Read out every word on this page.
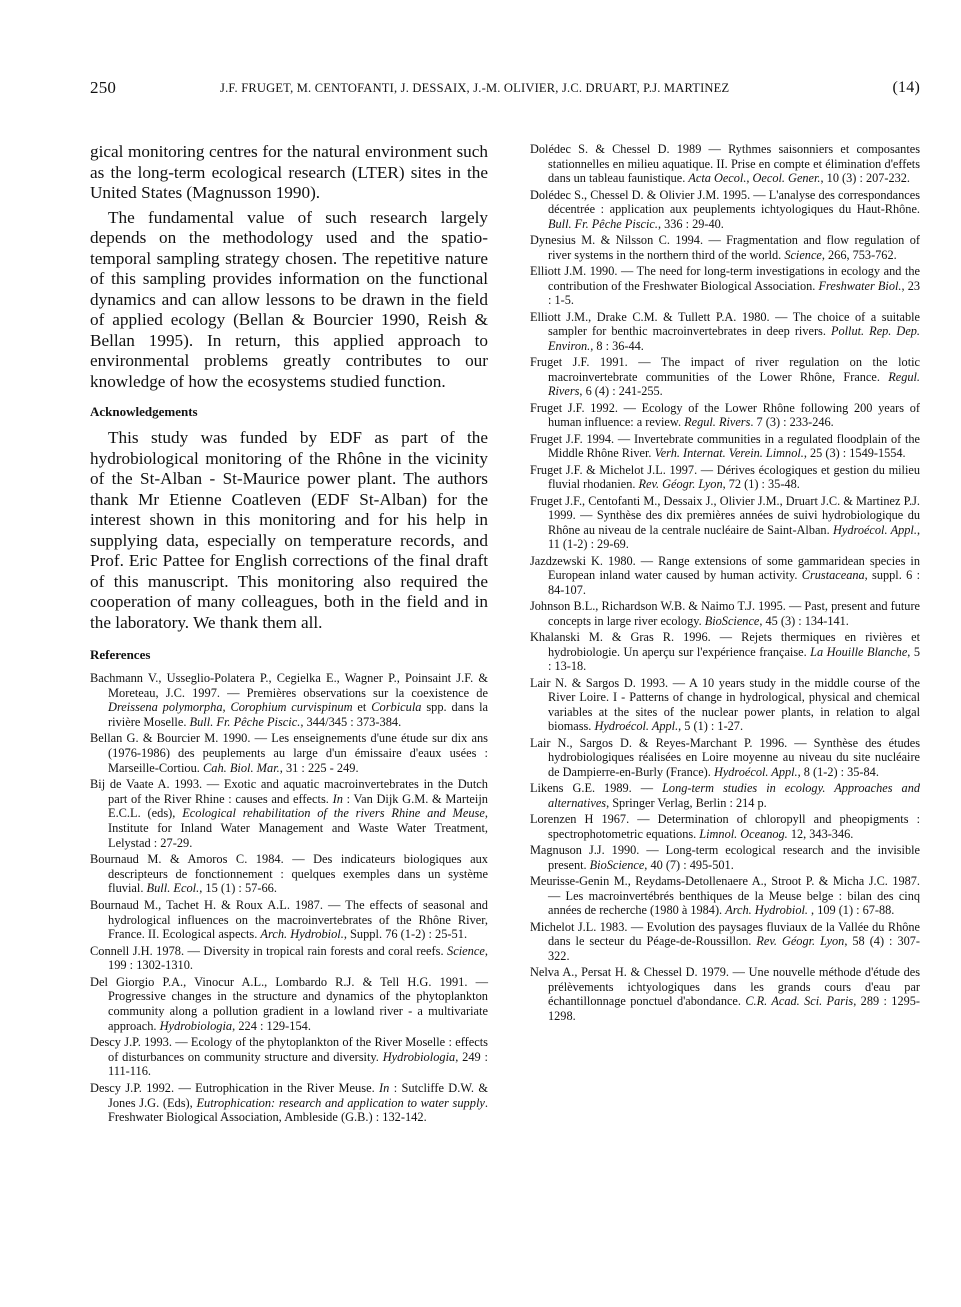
250	J.F. FRUGET, M. CENTOFANTI, J. DESSAIX, J.-M. OLIVIER, J.C. DRUART, P.J. MARTINEZ	(14)

gical monitoring centres for the natural environment such as the long-term ecological research (LTER) sites in the United States (Magnusson 1990).

The fundamental value of such research largely depends on the methodology used and the spatio-temporal sampling strategy chosen. The repetitive nature of this sampling provides information on the functional dynamics and can allow lessons to be drawn in the field of applied ecology (Bellan & Bourcier 1990, Reish & Bellan 1995). In return, this applied approach to environmental problems greatly contributes to our knowledge of how the ecosystems studied function.

Acknowledgements

This study was funded by EDF as part of the hydrobiological monitoring of the Rhône in the vicinity of the St-Alban - St-Maurice power plant. The authors thank Mr Etienne Coatleven (EDF St-Alban) for the interest shown in this monitoring and for his help in supplying data, especially on temperature records, and Prof. Eric Pattee for English corrections of the final draft of this manuscript. This monitoring also required the cooperation of many colleagues, both in the field and in the laboratory. We thank them all.

References

Bachmann V., Usseglio-Polatera P., Cegielka E., Wagner P., Poinsaint J.F. & Moreteau, J.C. 1997. — Premières observations sur la coexistence de Dreissena polymorpha, Corophium curvispinum et Corbicula spp. dans la rivière Moselle. Bull. Fr. Pêche Piscic., 344/345 : 373-384.

Bellan G. & Bourcier M. 1990. — Les enseignements d'une étude sur dix ans (1976-1986) des peuplements au large d'un émissaire d'eaux usées : Marseille-Cortiou. Cah. Biol. Mar., 31 : 225 - 249.

Bij de Vaate A. 1993. — Exotic and aquatic macroinvertebrates in the Dutch part of the River Rhine : causes and effects. In : Van Dijk G.M. & Marteijn E.C.L. (eds), Ecological rehabilitation of the rivers Rhine and Meuse, Institute for Inland Water Management and Waste Water Treatment, Lelystad : 27-29.

Bournaud M. & Amoros C. 1984. — Des indicateurs biologiques aux descripteurs de fonctionnement : quelques exemples dans un système fluvial. Bull. Ecol., 15 (1) : 57-66.

Bournaud M., Tachet H. & Roux A.L. 1987. — The effects of seasonal and hydrological influences on the macroinvertebrates of the Rhône River, France. II. Ecological aspects. Arch. Hydrobiol., Suppl. 76 (1-2) : 25-51.

Connell J.H. 1978. — Diversity in tropical rain forests and coral reefs. Science, 199 : 1302-1310.

Del Giorgio P.A., Vinocur A.L., Lombardo R.J. & Tell H.G. 1991. — Progressive changes in the structure and dynamics of the phytoplankton community along a pollution gradient in a lowland river - a multivariate approach. Hydrobiologia, 224 : 129-154.

Descy J.P. 1993. — Ecology of the phytoplankton of the River Moselle : effects of disturbances on community structure and diversity. Hydrobiologia, 249 : 111-116.

Descy J.P. 1992. — Eutrophication in the River Meuse. In : Sutcliffe D.W. & Jones J.G. (Eds), Eutrophication: research and application to water supply. Freshwater Biological Association, Ambleside (G.B.) : 132-142.

Dolédec S. & Chessel D. 1989 — Rythmes saisonniers et composantes stationnelles en milieu aquatique. II. Prise en compte et élimination d'effets dans un tableau faunistique. Acta Oecol., Oecol. Gener., 10 (3) : 207-232.

Dolédec S., Chessel D. & Olivier J.M. 1995. — L'analyse des correspondances décentrée : application aux peuplements ichtyologiques du Haut-Rhône. Bull. Fr. Pêche Piscic., 336 : 29-40.

Dynesius M. & Nilsson C. 1994. — Fragmentation and flow regulation of river systems in the northern third of the world. Science, 266, 753-762.

Elliott J.M. 1990. — The need for long-term investigations in ecology and the contribution of the Freshwater Biological Association. Freshwater Biol., 23 : 1-5.

Elliott J.M., Drake C.M. & Tullett P.A. 1980. — The choice of a suitable sampler for benthic macroinvertebrates in deep rivers. Pollut. Rep. Dep. Environ., 8 : 36-44.

Fruget J.F. 1991. — The impact of river regulation on the lotic macroinvertebrate communities of the Lower Rhône, France. Regul. Rivers, 6 (4) : 241-255.

Fruget J.F. 1992. — Ecology of the Lower Rhône following 200 years of human influence: a review. Regul. Rivers. 7 (3) : 233-246.

Fruget J.F. 1994. — Invertebrate communities in a regulated floodplain of the Middle Rhône River. Verh. Internat. Verein. Limnol., 25 (3) : 1549-1554.

Fruget J.F. & Michelot J.L. 1997. — Dérives écologiques et gestion du milieu fluvial rhodanien. Rev. Géogr. Lyon, 72 (1) : 35-48.

Fruget J.F., Centofanti M., Dessaix J., Olivier J.M., Druart J.C. & Martinez P.J. 1999. — Synthèse des dix premières années de suivi hydrobiologique du Rhône au niveau de la centrale nucléaire de Saint-Alban. Hydroécol. Appl., 11 (1-2) : 29-69.

Jazdzewski K. 1980. — Range extensions of some gammaridean species in European inland water caused by human activity. Crustaceana, suppl. 6 : 84-107.

Johnson B.L., Richardson W.B. & Naimo T.J. 1995. — Past, present and future concepts in large river ecology. BioScience, 45 (3) : 134-141.

Khalanski M. & Gras R. 1996. — Rejets thermiques en rivières et hydrobiologie. Un aperçu sur l'expérience française. La Houille Blanche, 5 : 13-18.

Lair N. & Sargos D. 1993. — A 10 years study in the middle course of the River Loire. I - Patterns of change in hydrological, physical and chemical variables at the sites of the nuclear power plants, in relation to algal biomass. Hydroécol. Appl., 5 (1) : 1-27.

Lair N., Sargos D. & Reyes-Marchant P. 1996. — Synthèse des études hydrobiologiques réalisées en Loire moyenne au niveau du site nucléaire de Dampierre-en-Burly (France). Hydroécol. Appl., 8 (1-2) : 35-84.

Likens G.E. 1989. — Long-term studies in ecology. Approaches and alternatives, Springer Verlag, Berlin : 214 p.

Lorenzen H 1967. — Determination of chloropyll and pheopigments : spectrophotometric equations. Limnol. Oceanog. 12, 343-346.

Magnuson J.J. 1990. — Long-term ecological research and the invisible present. BioScience, 40 (7) : 495-501.

Meurisse-Genin M., Reydams-Detollenaere A., Stroot P. & Micha J.C. 1987. — Les macroinvertébrés benthiques de la Meuse belge : bilan des cinq années de recherche (1980 à 1984). Arch. Hydrobiol. , 109 (1) : 67-88.

Michelot J.L. 1983. — Evolution des paysages fluviaux de la Vallée du Rhône dans le secteur du Péage-de-Roussillon. Rev. Géogr. Lyon, 58 (4) : 307-322.

Nelva A., Persat H. & Chessel D. 1979. — Une nouvelle méthode d'étude des prélèvements ichtyologiques dans les grands cours d'eau par échantillonnage ponctuel d'abondance. C.R. Acad. Sci. Paris, 289 : 1295-1298.
